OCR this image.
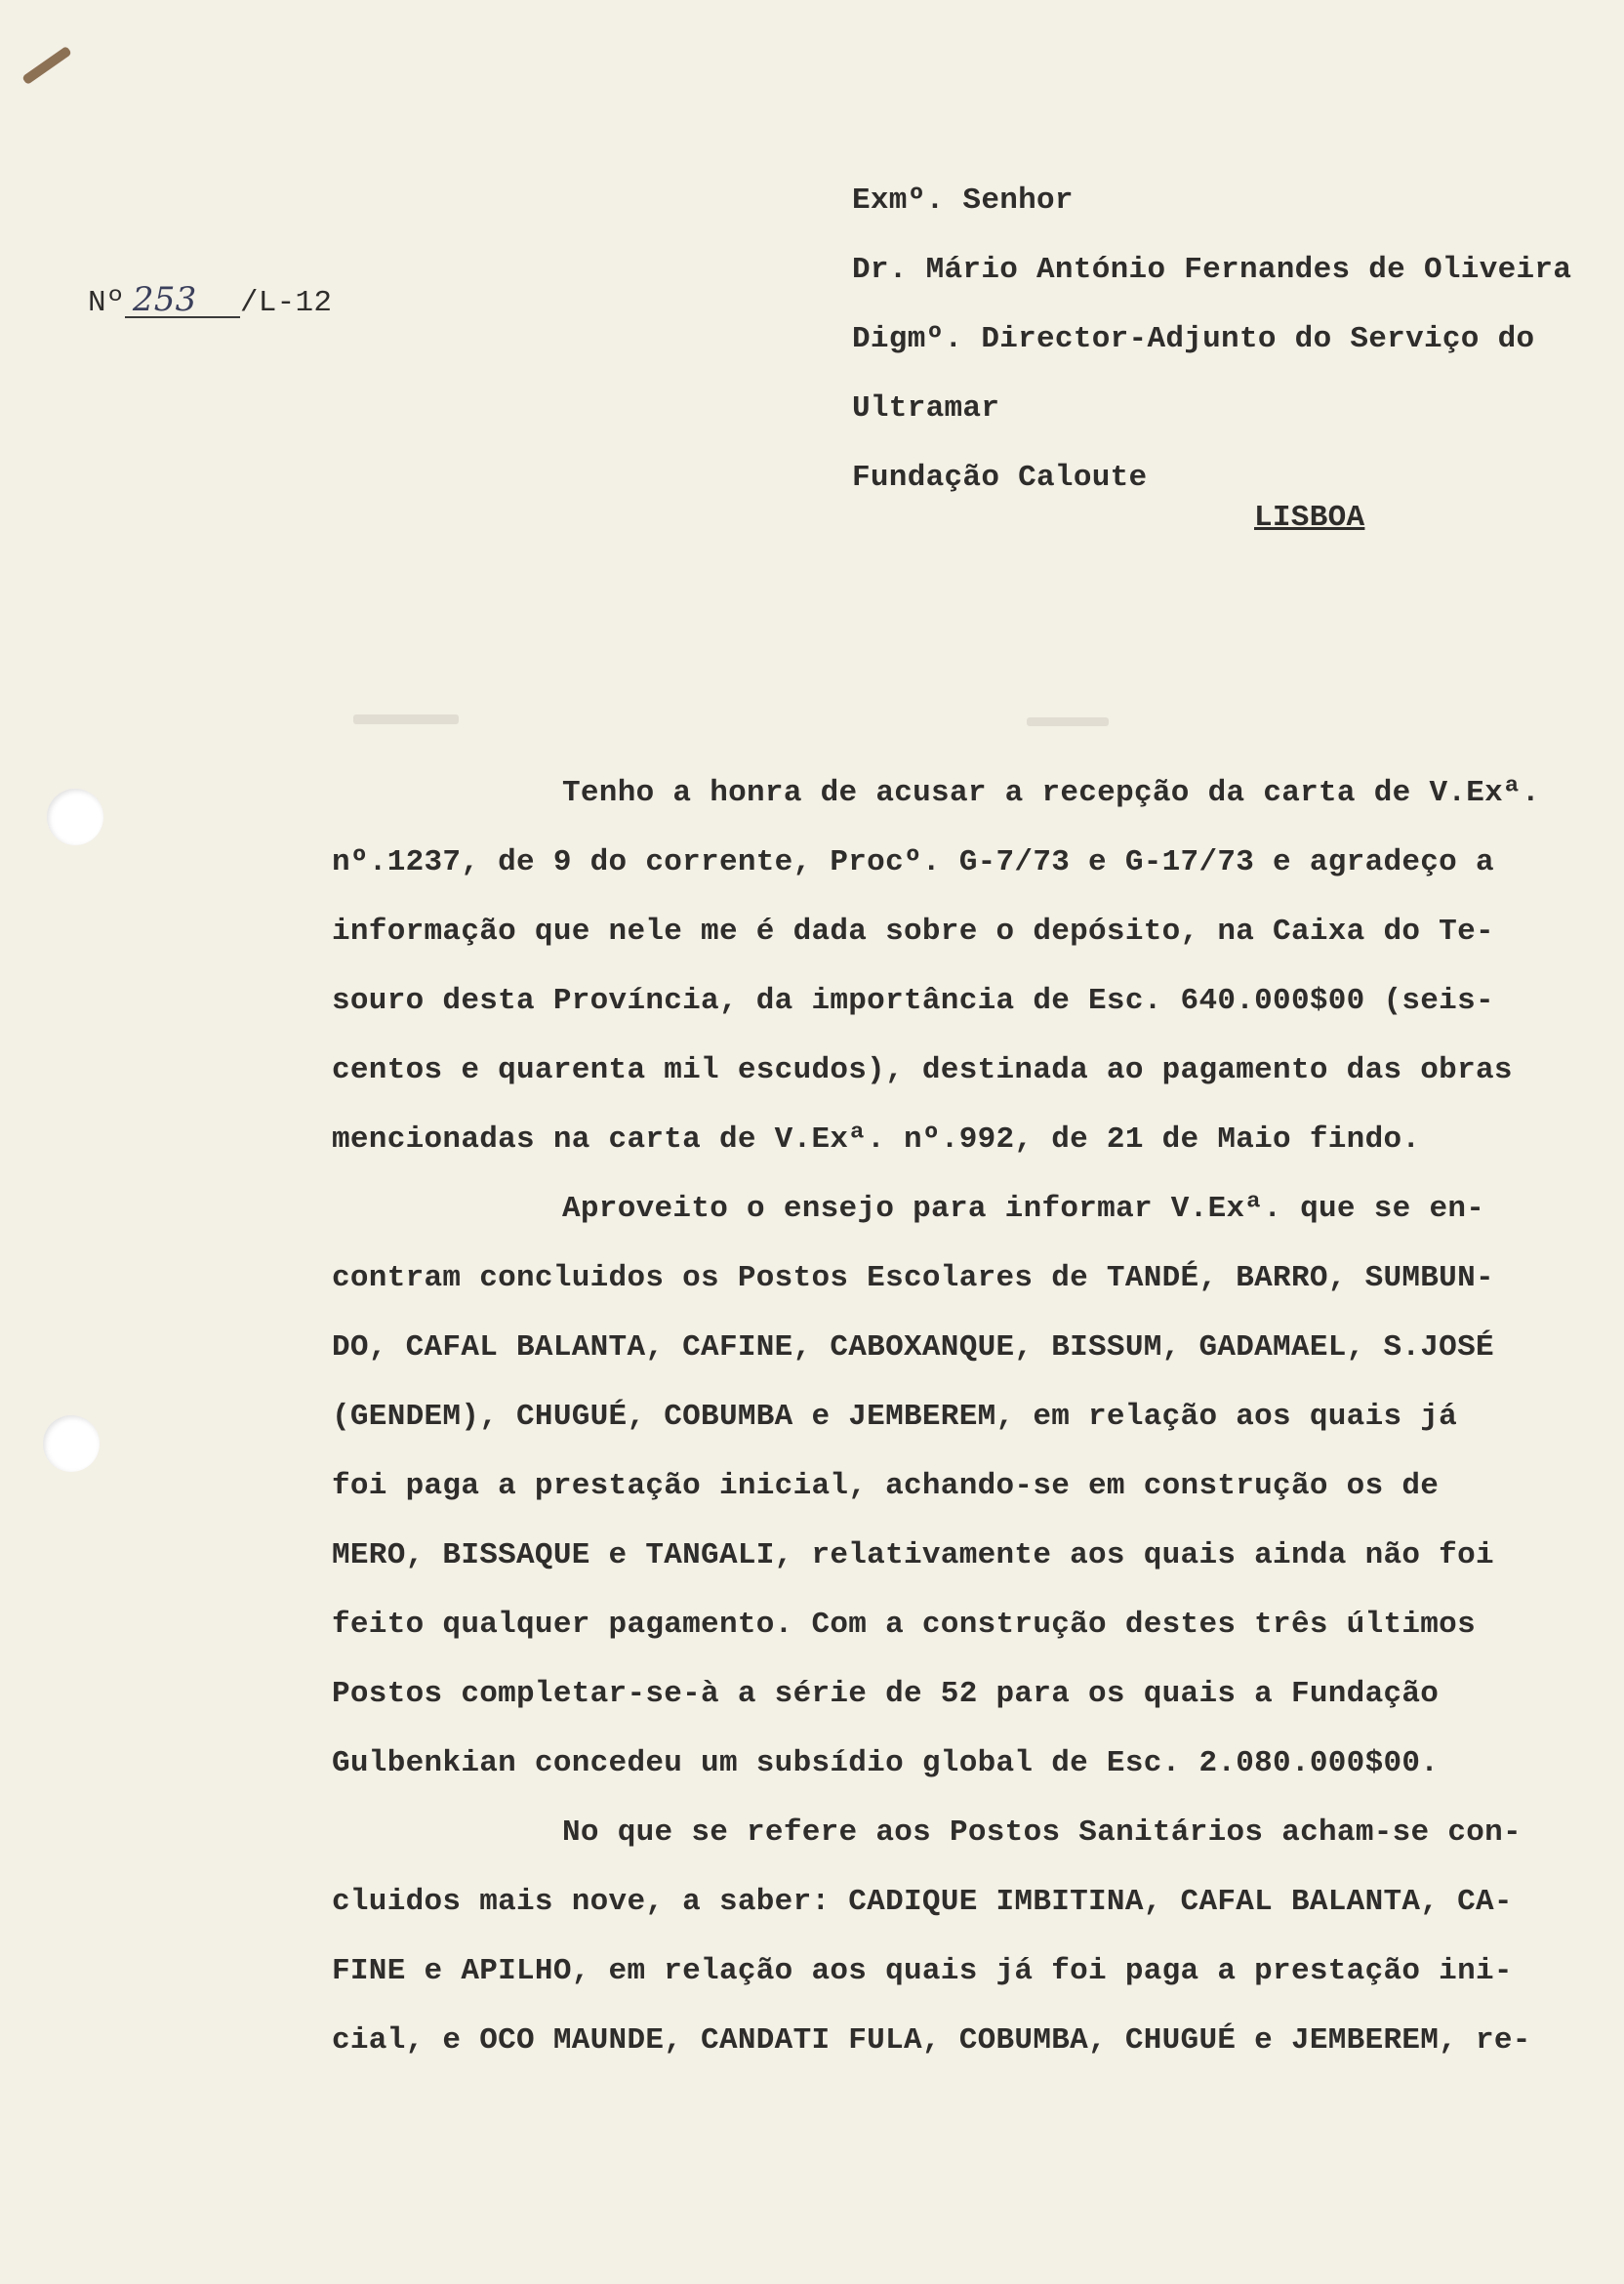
Nº 253 /L-12
Exmº. Senhor
Dr. Mário António Fernandes de Oliveira
Digmº. Director-Adjunto do Serviço do
Ultramar
Fundação Caloute
LISBOA
Tenho a honra de acusar a recepção da carta de V.Exª.
nº.1237, de 9 do corrente, Procº. G-7/73 e G-17/73 e agradeço a
informação que nele me é dada sobre o depósito, na Caixa do Te-
souro desta Província, da importância de Esc. 640.000$00 (seis-
centos e quarenta mil escudos), destinada ao pagamento das obras
mencionadas na carta de V.Exª. nº.992, de 21 de Maio findo.
Aproveito o ensejo para informar V.Exª. que se en-
contram concluidos os Postos Escolares de TANDÉ, BARRO, SUMBUN-
DO, CAFAL BALANTA, CAFINE, CABOXANQUE, BISSUM, GADAMAEL, S.JOSÉ
(GENDEM), CHUGUÉ, COBUMBA e JEMBEREM, em relação aos quais já
foi paga a prestação inicial, achando-se em construção os de
MERO, BISSAQUE e TANGALI, relativamente aos quais ainda não foi
feito qualquer pagamento. Com a construção destes três últimos
Postos completar-se-à a série de 52 para os quais a Fundação
Gulbenkian concedeu um subsídio global de Esc. 2.080.000$00.
No que se refere aos Postos Sanitários acham-se con-
cluidos mais nove, a saber: CADIQUE IMBITINA, CAFAL BALANTA, CA-
FINE e APILHO, em relação aos quais já foi paga a prestação ini-
cial, e OCO MAUNDE, CANDATI FULA, COBUMBA, CHUGUÉ e JEMBEREM, re-
